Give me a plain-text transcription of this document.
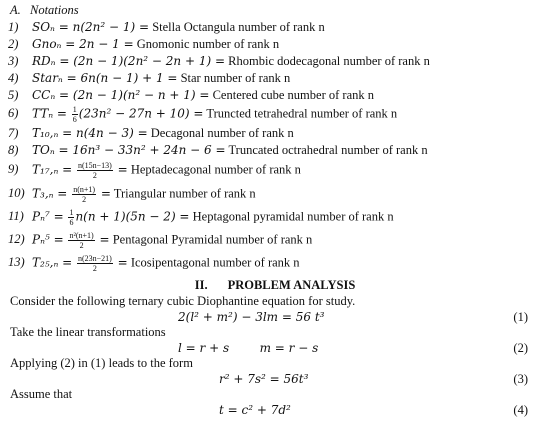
A. Notations
1) SOₙ = n(2n² − 1) = Stella Octangula number of rank n
2) Gnoₙ = 2n − 1 = Gnomonic number of rank n
3) RDₙ = (2n − 1)(2n² − 2n + 1) = Rhombic dodecagonal number of rank n
4) Starₙ = 6n(n − 1) + 1 = Star number of rank n
5) CCₙ = (2n − 1)(n² − n + 1) = Centered cube number of rank n
6) $TT_n = \frac{1}{6} (23n^2 - 27n + 10)$ = Truncted tetrahedral number of rank n
7) T₁₀,ₙ = n(4n − 3) = Decagonal number of rank n
8) TOₙ = 16n³ − 33n² + 24n − 6 = Truncated octrahedral number of rank n
9) $T_{17},_n = \frac{n(15n-13)}{2}$ = Heptadecagonal number of rank n
10) $T_3,_n = \frac{n(n+1)}{2}$ = Triangular number of rank n
11) $P_n^7 = \frac{1}{6} n(n + 1)(5n - 2)$ = Heptagonal pyramidal number of rank n
12) $P_n^5 = \frac{\text{n²(n+1)}}{2}$ = Pentagonal Pyramidal number of rank n
13) $T_{25},_n = \frac{n(23n-21)}{2}$ = Icosipentagonal number of rank n
II. PROBLEM ANALYSIS
Consider the following ternary cubic Diophantine equation for study.
2(l² + m²) − 3lm = 56 t³	(1)
Take the linear transformations
l = r + s        m = r − s	(2)
Applying (2) in (1) leads to the form
r² + 7s² = 56t³	(3)
Assume that
t = c² + 7d²	(4)
